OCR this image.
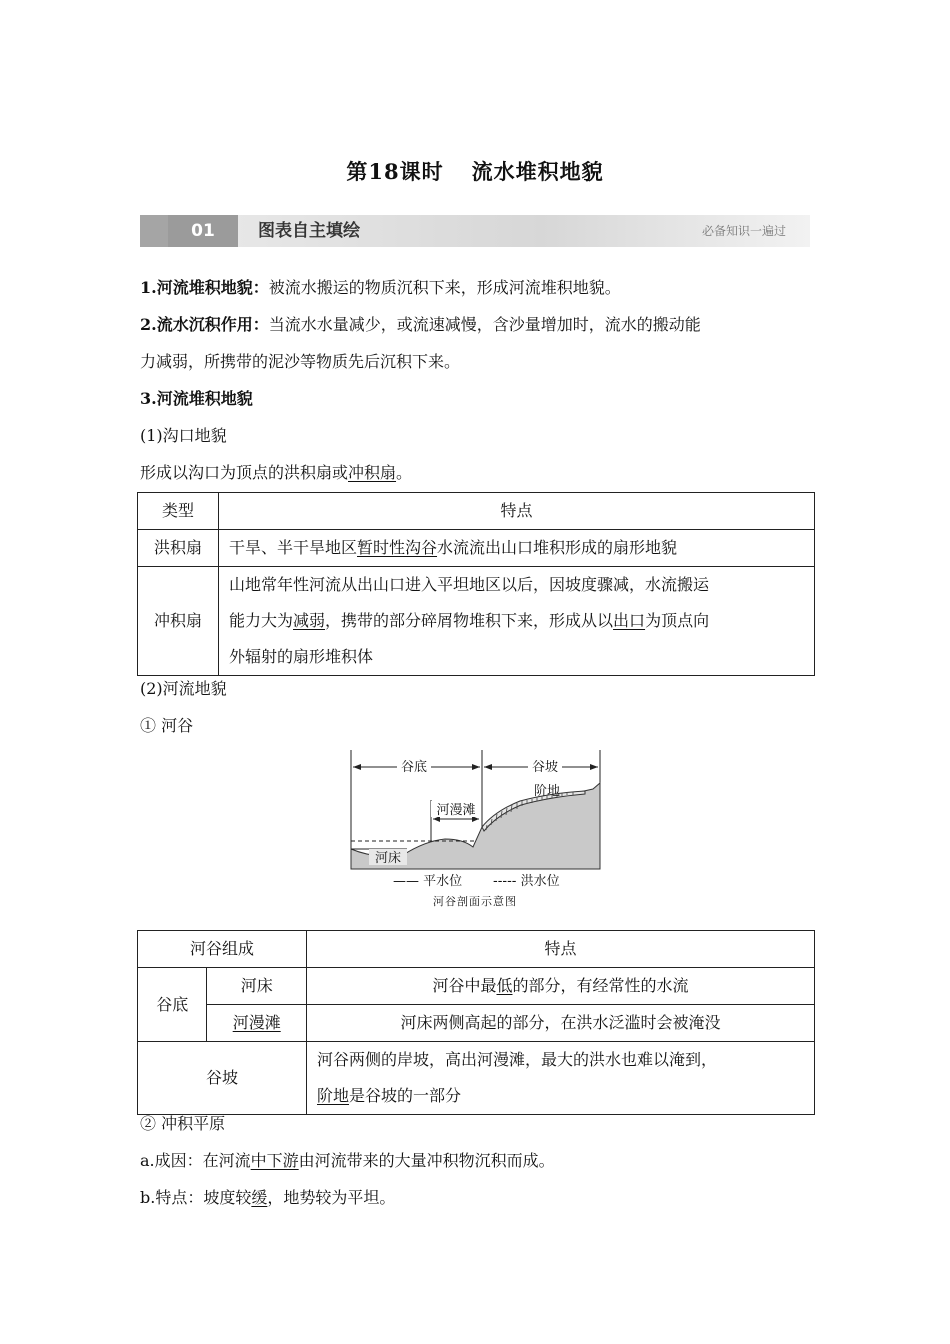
第18课时 流水堆积地貌
01	图表自主填绘	必备知识一遍过
1.河流堆积地貌：被流水搬运的物质沉积下来，形成河流堆积地貌。
2.流水沉积作用：当流水水量减少，或流速减慢，含沙量增加时，流水的搬动能
力减弱，所携带的泥沙等物质先后沉积下来。
3.河流堆积地貌
(1)沟口地貌
形成以沟口为顶点的洪积扇或冲积扇。
类型	特点
洪积扇	干旱、半干旱地区暂时性沟谷水流流出山口堆积形成的扇形地貌
冲积扇	山地常年性河流从出山口进入平坦地区以后，因坡度骤减，水流搬运
能力大为减弱，携带的部分碎屑物堆积下来，形成从以出口为顶点向
外辐射的扇形堆积体
(2)河流地貌
① 河谷
谷底	谷坡
河漫滩
阶地
河床
—— 平水位 ----- 洪水位
河谷剖面示意图
河谷组成		特点
谷底	河床	河谷中最低的部分，有经常性的水流
	河漫滩	河床两侧高起的部分，在洪水泛滥时会被淹没
谷坡		河谷两侧的岸坡，高出河漫滩，最大的洪水也难以淹到，
阶地是谷坡的一部分
② 冲积平原
a.成因：在河流中下游由河流带来的大量冲积物沉积而成。
b.特点：坡度较缓，地势较为平坦。
